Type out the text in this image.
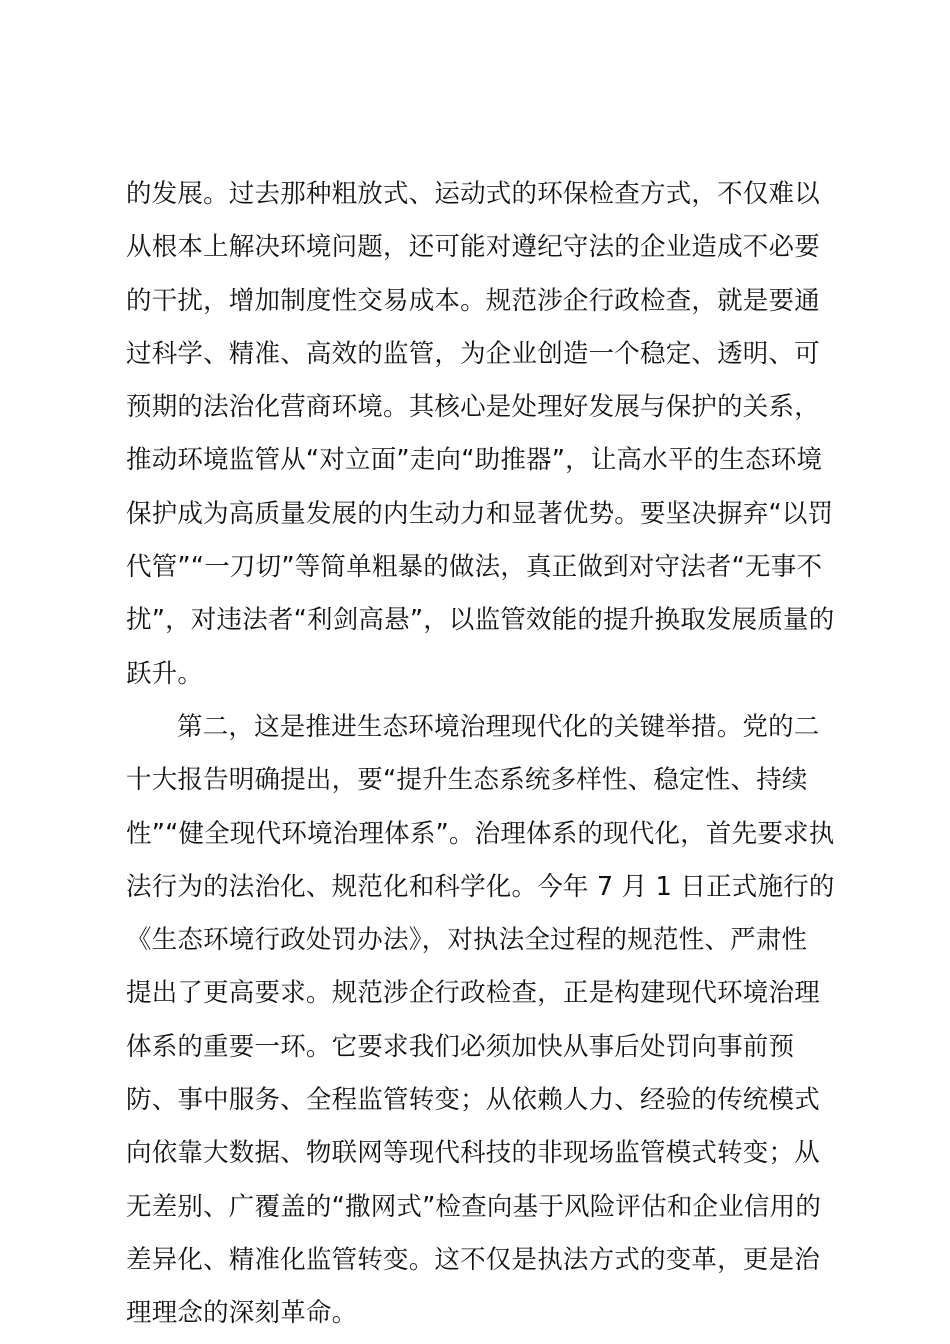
的发展。过去那种粗放式、运动式的环保检查方式，不仅难以
从根本上解决环境问题，还可能对遵纪守法的企业造成不必要
的干扰，增加制度性交易成本。规范涉企行政检查，就是要通
过科学、精准、高效的监管，为企业创造一个稳定、透明、可
预期的法治化营商环境。其核心是处理好发展与保护的关系，
推动环境监管从“对立面”走向“助推器”，让高水平的生态环境
保护成为高质量发展的内生动力和显著优势。要坚决摒弃“以罚
代管”“一刀切”等简单粗暴的做法，真正做到对守法者“无事不
扰”，对违法者“利剑高悬”，以监管效能的提升换取发展质量的
跃升。
第二，这是推进生态环境治理现代化的关键举措。党的二
十大报告明确提出，要“提升生态系统多样性、稳定性、持续
性”“健全现代环境治理体系”。治理体系的现代化，首先要求执
法行为的法治化、规范化和科学化。今年 7 月 1 日正式施行的
《生态环境行政处罚办法》，对执法全过程的规范性、严肃性
提出了更高要求。规范涉企行政检查，正是构建现代环境治理
体系的重要一环。它要求我们必须加快从事后处罚向事前预
防、事中服务、全程监管转变；从依赖人力、经验的传统模式
向依靠大数据、物联网等现代科技的非现场监管模式转变；从
无差别、广覆盖的“撒网式”检查向基于风险评估和企业信用的
差异化、精准化监管转变。这不仅是执法方式的变革，更是治
理理念的深刻革命。
